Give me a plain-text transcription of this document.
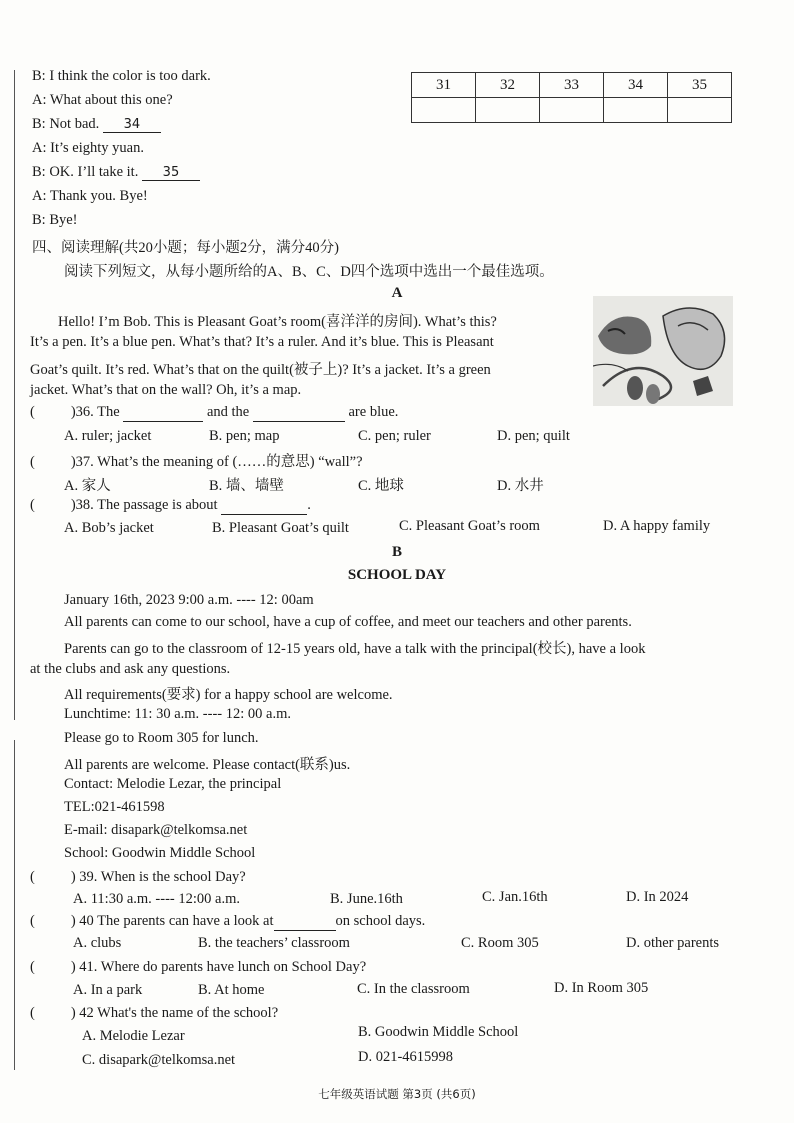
B: I think the color is too dark.
A: What about this one?
B: Not bad. 34
A: It’s eighty yuan.
B: OK. I’ll take it. 35
A: Thank you. Bye!
B: Bye!
31	32	33	34	35

四、阅读理解(共20小题；每小题2分，满分40分)
阅读下列短文，从每小题所给的A、B、C、D四个选项中选出一个最佳选项。
A
Hello! I’m Bob. This is Pleasant Goat’s room(喜洋洋的房间). What’s this?
It’s a pen. It’s a blue pen. What’s that? It’s a ruler. And it’s blue. This is Pleasant
Goat’s quilt. It’s red. What’s that on the quilt(被子上)? It’s a jacket. It’s a green
jacket. What’s that on the wall? Oh, it’s a map.
( )36. The	and the	are blue.
A. ruler; jacket	B. pen; map	C. pen; ruler	D. pen; quilt
( )37. What’s the meaning of (……的意思) “wall”?
A. 家人	B. 墙、墙壁	C. 地球	D. 水井
( )38. The passage is about	.
A. Bob’s jacket	B. Pleasant Goat’s quilt	C. Pleasant Goat’s room	D. A happy family
B
SCHOOL DAY
January 16th, 2023 9:00 a.m. ---- 12: 00am
All parents can come to our school, have a cup of coffee, and meet our teachers and other parents.
Parents can go to the classroom of 12-15 years old, have a talk with the principal(校长), have a look
at the clubs and ask any questions.
All requirements(要求) for a happy school are welcome.
Lunchtime: 11: 30 a.m. ---- 12: 00 a.m.
Please go to Room 305 for lunch.
All parents are welcome. Please contact(联系)us.
Contact: Melodie Lezar, the principal
TEL:021-461598
E-mail: disapark@telkomsa.net
School: Goodwin Middle School
( ) 39. When is the school Day?
A. 11:30 a.m. ---- 12:00 a.m.	B. June.16th	C. Jan.16th	D. In 2024
( ) 40 The parents can have a look at	on school days.
A. clubs	B. the teachers’ classroom	C. Room 305	D. other parents
( ) 41. Where do parents have lunch on School Day?
A. In a park	B. At home	C. In the classroom	D. In Room 305
( ) 42 What's the name of the school?
A. Melodie Lezar	B. Goodwin Middle School
C. disapark@telkomsa.net	D. 021-4615998
七年级英语试题 第3页 (共6页)
